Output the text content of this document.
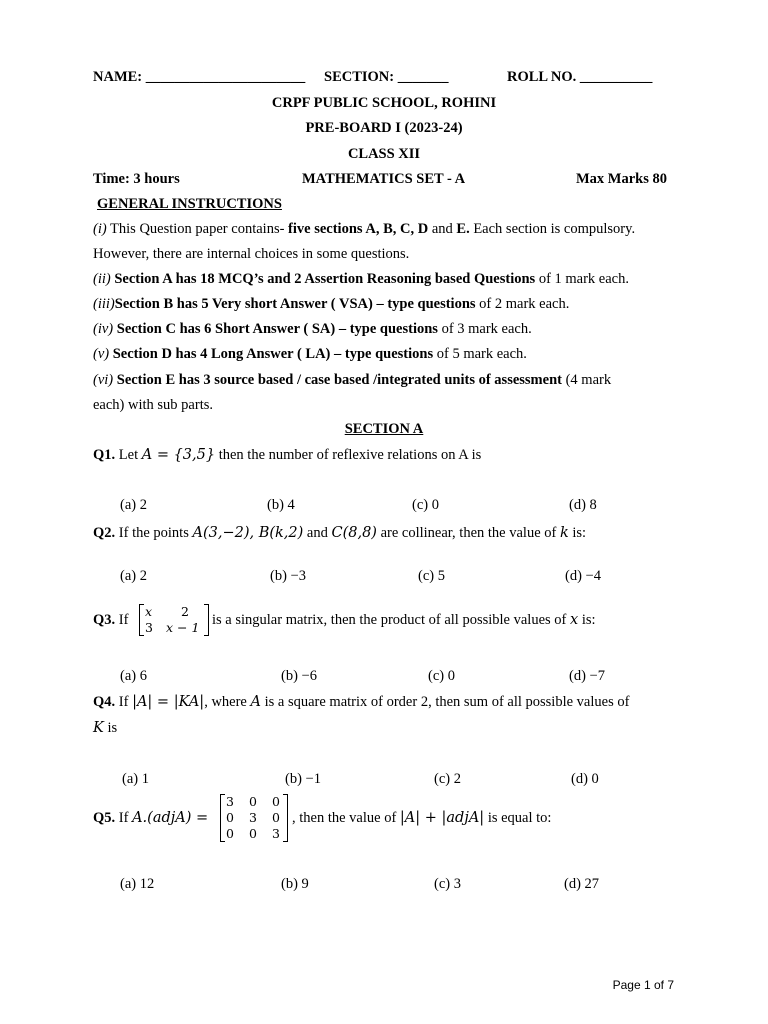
NAME: ______________________ SECTION: _______	ROLL NO. __________
CRPF PUBLIC SCHOOL, ROHINI
PRE-BOARD I (2023-24)
CLASS XII
Time: 3 hours	MATHEMATICS SET - A	Max Marks 80
GENERAL INSTRUCTIONS
(i) This Question paper contains- five sections A, B, C, D and E. Each section is compulsory.
However, there are internal choices in some questions.
(ii) Section A has 18 MCQ’s and 2 Assertion Reasoning based Questions of 1 mark each.
(iii)Section B has 5 Very short Answer ( VSA) – type questions of 2 mark each.
(iv) Section C has 6 Short Answer ( SA) – type questions of 3 mark each.
(v) Section D has 4 Long Answer ( LA) – type questions of 5 mark each.
(vi) Section E has 3 source based / case based /integrated units of assessment (4 mark
each) with sub parts.
SECTION A
Q1. Let A = {3,5} then the number of reflexive relations on A is
(a) 2	(b) 4	(c) 0	(d) 8
Q2. If the points A(3,−2), B(k,2) and C(8,8) are collinear, then the value of k is:
(a) 2	(b) −3	(c) 5	(d) −4
Q3. If
x 2
3 x − 1 is a singular matrix, then the product of all possible values of x is:
(a) 6	(b) −6	(c) 0	(d) −7
Q4. If |A| = |KA|, where A is a square matrix of order 2, then sum of all possible values of
K is
(a) 1	(b) −1	(c) 2	(d) 0
Q5. If A.(adjA) =
3 0 0
0 3 0
0 0 3
, then the value of |A| + |adjA| is equal to:
(a) 12	(b) 9	(c) 3	(d) 27
Page 1 of 7
